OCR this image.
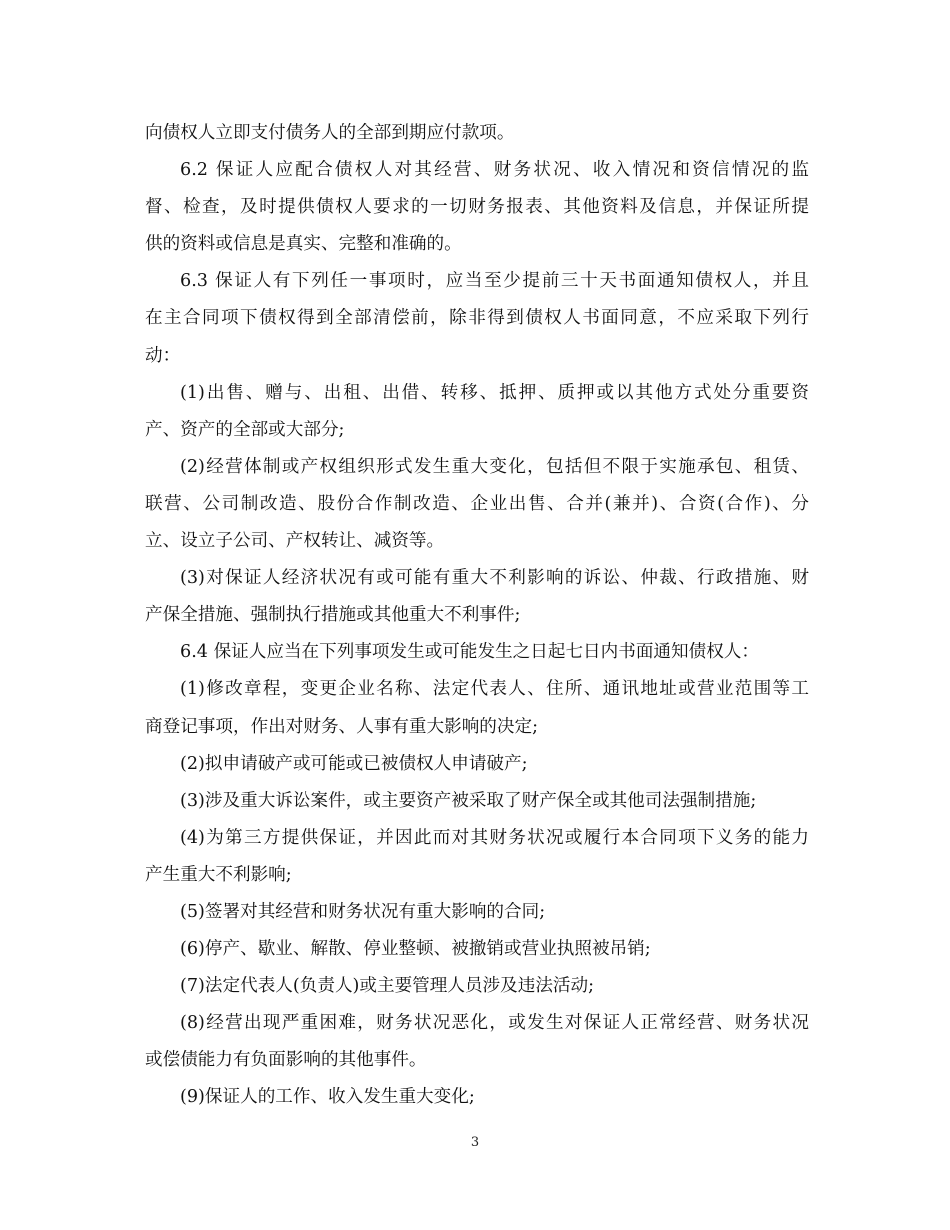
向债权人立即支付债务人的全部到期应付款项。
6.2 保证人应配合债权人对其经营、财务状况、收入情况和资信情况的监
督、检查，及时提供债权人要求的一切财务报表、其他资料及信息，并保证所提
供的资料或信息是真实、完整和准确的。
6.3 保证人有下列任一事项时，应当至少提前三十天书面通知债权人，并且
在主合同项下债权得到全部清偿前，除非得到债权人书面同意，不应采取下列行
动：
(1)出售、赠与、出租、出借、转移、抵押、质押或以其他方式处分重要资
产、资产的全部或大部分;
(2)经营体制或产权组织形式发生重大变化，包括但不限于实施承包、租赁、
联营、公司制改造、股份合作制改造、企业出售、合并(兼并)、合资(合作)、分
立、设立子公司、产权转让、减资等。
(3)对保证人经济状况有或可能有重大不利影响的诉讼、仲裁、行政措施、财
产保全措施、强制执行措施或其他重大不利事件;
6.4 保证人应当在下列事项发生或可能发生之日起七日内书面通知债权人：
(1)修改章程，变更企业名称、法定代表人、住所、通讯地址或营业范围等工
商登记事项，作出对财务、人事有重大影响的决定;
(2)拟申请破产或可能或已被债权人申请破产;
(3)涉及重大诉讼案件，或主要资产被采取了财产保全或其他司法强制措施;
(4)为第三方提供保证，并因此而对其财务状况或履行本合同项下义务的能力
产生重大不利影响;
(5)签署对其经营和财务状况有重大影响的合同;
(6)停产、歇业、解散、停业整顿、被撤销或营业执照被吊销;
(7)法定代表人(负责人)或主要管理人员涉及违法活动;
(8)经营出现严重困难，财务状况恶化，或发生对保证人正常经营、财务状况
或偿债能力有负面影响的其他事件。
(9)保证人的工作、收入发生重大变化;
3
